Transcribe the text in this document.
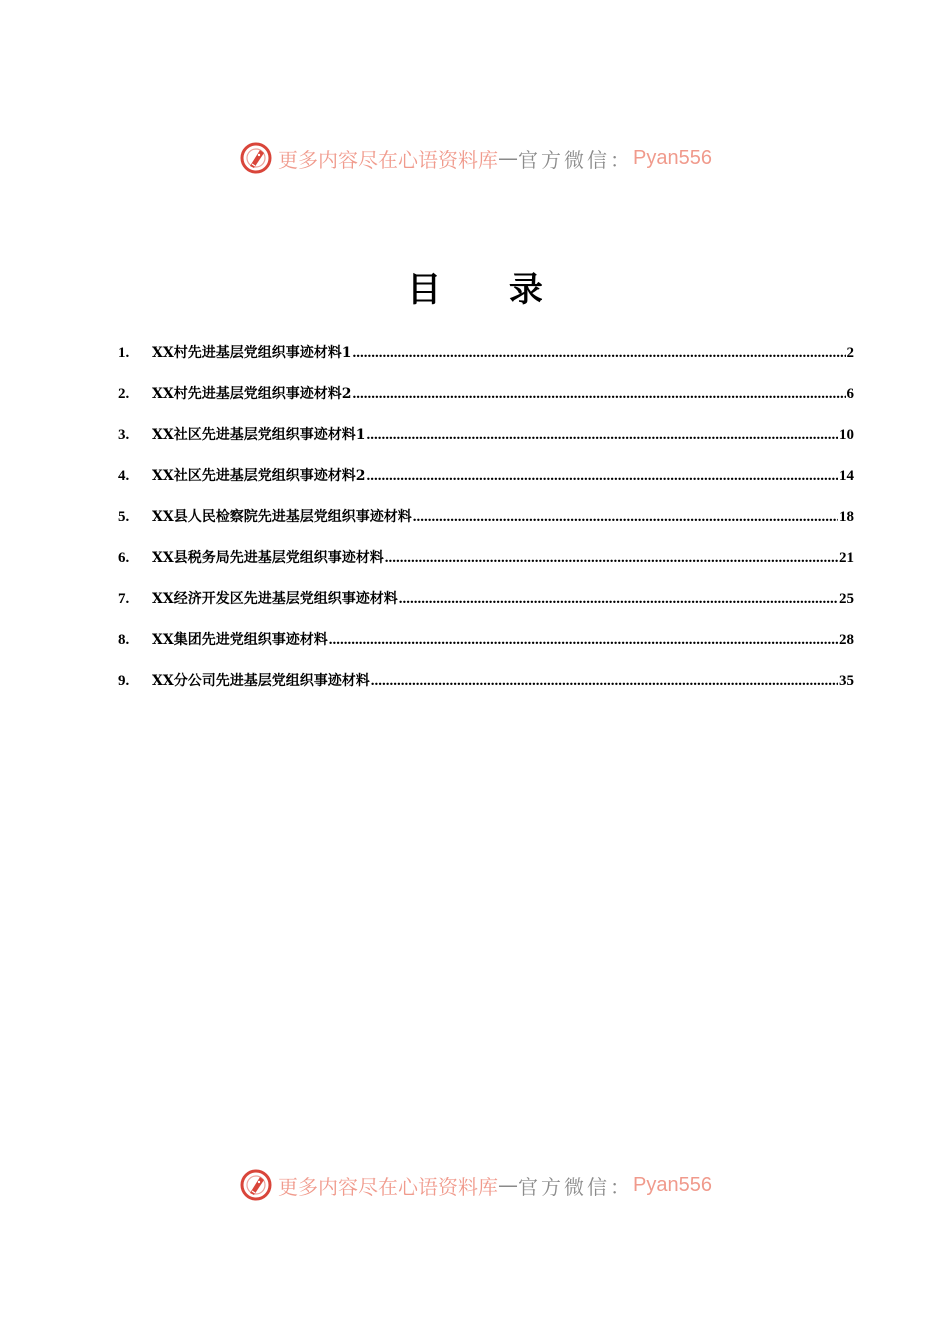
更多内容尽在心语资料库 — 官方微信： Pyan556
目 录
1.	XX村先进基层党组织事迹材料1 .....	2
2.	XX村先进基层党组织事迹材料2 .....	6
3.	XX社区先进基层党组织事迹材料1 .....	10
4.	XX社区先进基层党组织事迹材料2 .....	14
5.	XX县人民检察院先进基层党组织事迹材料 .....	18
6.	XX县税务局先进基层党组织事迹材料 .....	21
7.	XX经济开发区先进基层党组织事迹材料 .....	25
8.	XX集团先进党组织事迹材料 .....	28
9.	XX分公司先进基层党组织事迹材料 .....	35
更多内容尽在心语资料库 — 官方微信： Pyan556
